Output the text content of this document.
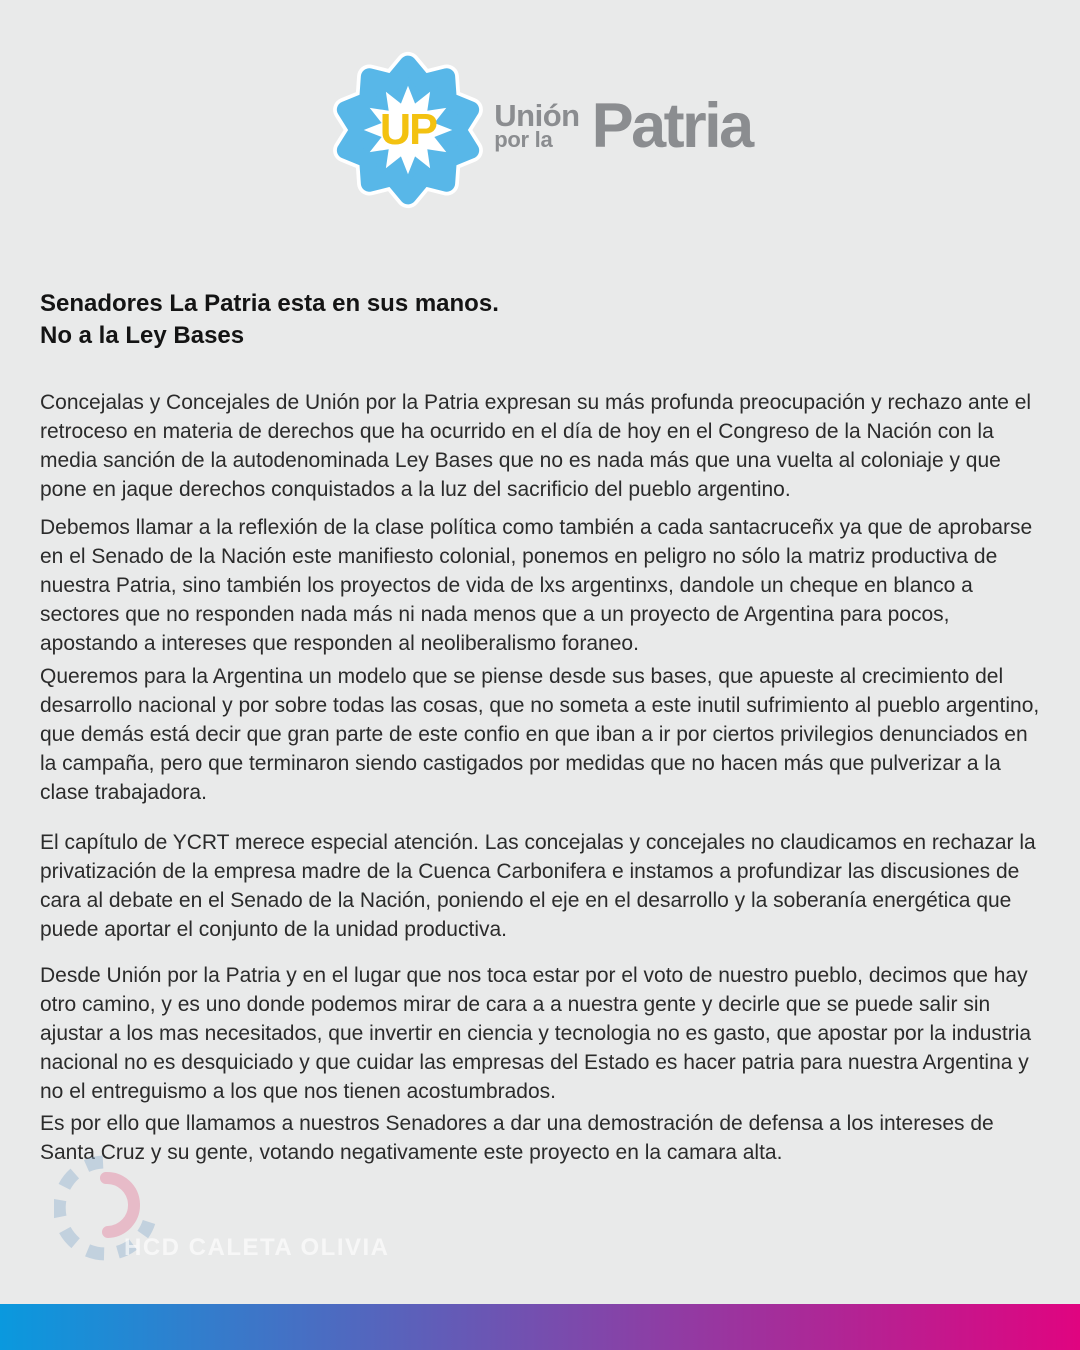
UP Unión
por la Patria
Senadores La Patria esta en sus manos.
No a la Ley Bases

Concejalas y Concejales de Unión por la Patria expresan su más profunda preocupación y rechazo ante el retroceso en materia de derechos que ha ocurrido en el día de hoy en el Congreso de la Nación con la media sanción de la autodenominada Ley Bases que no es nada más que una vuelta al coloniaje y que pone en jaque derechos conquistados a la luz del sacrificio del pueblo argentino.

Debemos llamar a la reflexión de la clase política como también a cada santacruceñx ya que de aprobarse en el Senado de la Nación este manifiesto colonial, ponemos en peligro no sólo la matriz productiva de nuestra Patria, sino también los proyectos de vida de lxs argentinxs, dandole un cheque en blanco a sectores que no responden nada más ni nada menos que a un proyecto de Argentina para pocos, apostando a intereses que responden al neoliberalismo foraneo.

Queremos para la Argentina un modelo que se piense desde sus bases, que apueste al crecimiento del desarrollo nacional y por sobre todas las cosas, que no someta a este inutil sufrimiento al pueblo argentino, que demás está decir que gran parte de este confio en que iban a ir por ciertos privilegios denunciados en la campaña, pero que terminaron siendo castigados por medidas que no hacen más que pulverizar a la clase trabajadora.

El capítulo de YCRT merece especial atención. Las concejalas y concejales no claudicamos en rechazar la privatización de la empresa madre de la Cuenca Carbonifera e instamos a profundizar las discusiones de cara al debate en el Senado de la Nación, poniendo el eje en el desarrollo y la soberanía energética que puede aportar el conjunto de la unidad productiva.

Desde Unión por la Patria y en el lugar que nos toca estar por el voto de nuestro pueblo, decimos que hay otro camino, y es uno donde podemos mirar de cara a a nuestra gente y decirle que se puede salir sin ajustar a los mas necesitados, que invertir en ciencia y tecnologia no es gasto, que apostar por la industria nacional no es desquiciado y que cuidar las empresas del Estado es hacer patria para nuestra Argentina y no el entreguismo a los que nos tienen acostumbrados.

Es por ello que llamamos a nuestros Senadores a dar una demostración de defensa a los intereses de Santa Cruz y su gente, votando negativamente este proyecto en la camara alta.

HCD CALETA OLIVIA
